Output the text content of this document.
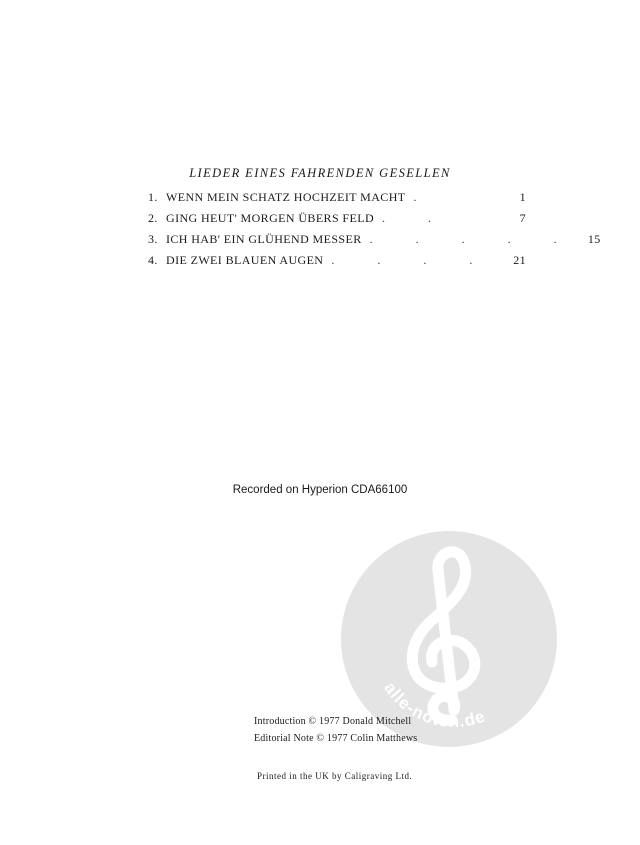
LIEDER EINES FAHRENDEN GESELLEN
1. WENN MEIN SCHATZ HOCHZEIT MACHT .	1
2. GING HEUT' MORGEN ÜBERS FELD . .	7
3. ICH HAB' EIN GLÜHEND MESSER . . . . . 15
4. DIE ZWEI BLAUEN AUGEN . . . .	21
Recorded on Hyperion CDA66100
alle-noten.de
Introduction © 1977 Donald Mitchell
Editorial Note © 1977 Colin Matthews
Printed in the UK by Caligraving Ltd.
